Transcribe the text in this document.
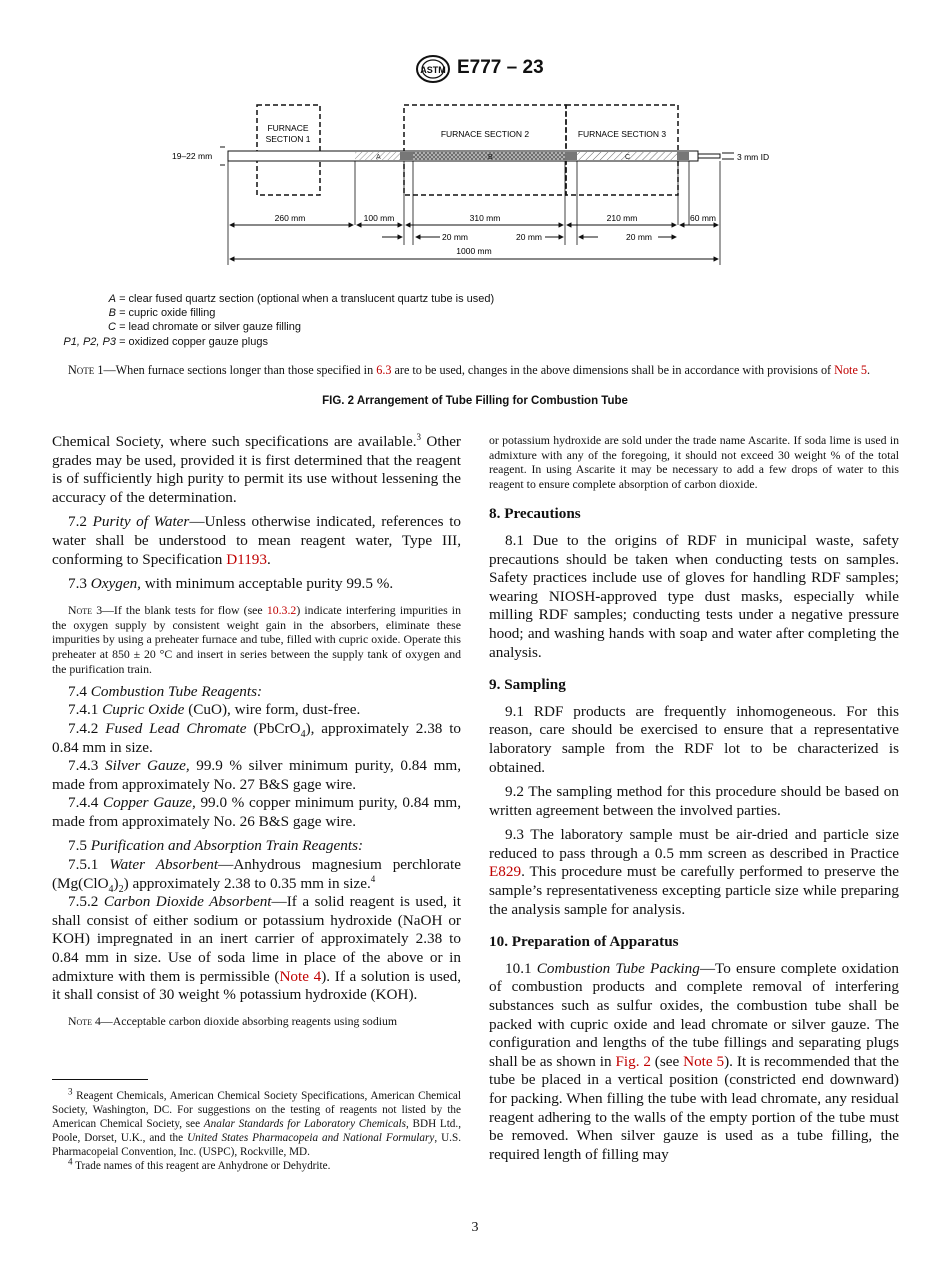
ASTM E777 – 23
FURNACE
SECTION 1	FURNACE SECTION 2	FURNACE SECTION 3
A	B	C
19–22 mm	3 mm ID
260 mm	100 mm	310 mm	210 mm	60 mm
20 mm	20 mm	20 mm
1000 mm
A = clear fused quartz section (optional when a translucent quartz tube is used)
B = cupric oxide filling
C = lead chromate or silver gauze filling
P1, P2, P3 = oxidized copper gauze plugs
Note 1—When furnace sections longer than those specified in 6.3 are to be used, changes in the above dimensions shall be in accordance with provisions of Note 5.
FIG. 2 Arrangement of Tube Filling for Combustion Tube

Chemical Society, where such specifications are available.$^3$ Other grades may be used, provided it is first determined that the reagent is of sufficiently high purity to permit its use without lessening the accuracy of the determination.

7.2 Purity of Water—Unless otherwise indicated, references to water shall be understood to mean reagent water, Type III, conforming to Specification D1193.

7.3 Oxygen, with minimum acceptable purity 99.5 %.

Note 3—If the blank tests for flow (see 10.3.2) indicate interfering impurities in the oxygen supply by consistent weight gain in the absorbers, eliminate these impurities by using a preheater furnace and tube, filled with cupric oxide. Operate this preheater at 850 ± 20 °C and insert in series between the supply tank of oxygen and the purification train.

7.4 Combustion Tube Reagents:

7.4.1 Cupric Oxide (CuO), wire form, dust-free.

7.4.2 Fused Lead Chromate (PbCrO$_4$), approximately 2.38 to 0.84 mm in size.

7.4.3 Silver Gauze, 99.9 % silver minimum purity, 0.84 mm, made from approximately No. 27 B&S gage wire.

7.4.4 Copper Gauze, 99.0 % copper minimum purity, 0.84 mm, made from approximately No. 26 B&S gage wire.

7.5 Purification and Absorption Train Reagents:

7.5.1 Water Absorbent—Anhydrous magnesium perchlorate $(Mg(ClO_4)_2)$ approximately 2.38 to 0.35 mm in size.$^4$

7.5.2 Carbon Dioxide Absorbent—If a solid reagent is used, it shall consist of either sodium or potassium hydroxide (NaOH or KOH) impregnated in an inert carrier of approximately 2.38 to 0.84 mm in size. Use of soda lime in place of the above or in admixture with them is permissible (Note 4). If a solution is used, it shall consist of 30 weight % potassium hydroxide (KOH).

Note 4—Acceptable carbon dioxide absorbing reagents using sodium

$^3$ Reagent Chemicals, American Chemical Society Specifications, American Chemical Society, Washington, DC. For suggestions on the testing of reagents not listed by the American Chemical Society, see Analar Standards for Laboratory Chemicals, BDH Ltd., Poole, Dorset, U.K., and the United States Pharmacopeia and National Formulary, U.S. Pharmacopeial Convention, Inc. (USPC), Rockville, MD.

$^4$ Trade names of this reagent are Anhydrone or Dehydrite.

or potassium hydroxide are sold under the trade name Ascarite. If soda lime is used in admixture with any of the foregoing, it should not exceed 30 weight % of the total reagent. In using Ascarite it may be necessary to add a few drops of water to this reagent to ensure complete absorption of carbon dioxide.

8. Precautions

8.1 Due to the origins of RDF in municipal waste, safety precautions should be taken when conducting tests on samples. Safety practices include use of gloves for handling RDF samples; wearing NIOSH-approved type dust masks, especially while milling RDF samples; conducting tests under a negative pressure hood; and washing hands with soap and water after completing the analysis.

9. Sampling

9.1 RDF products are frequently inhomogeneous. For this reason, care should be exercised to ensure that a representative laboratory sample from the RDF lot to be characterized is obtained.

9.2 The sampling method for this procedure should be based on written agreement between the involved parties.

9.3 The laboratory sample must be air-dried and particle size reduced to pass through a 0.5 mm screen as described in Practice E829. This procedure must be carefully performed to preserve the sample’s representativeness excepting particle size while preparing the analysis sample for analysis.

10. Preparation of Apparatus

10.1 Combustion Tube Packing—To ensure complete oxidation of combustion products and complete removal of interfering substances such as sulfur oxides, the combustion tube shall be packed with cupric oxide and lead chromate or silver gauze. The configuration and lengths of the tube fillings and separating plugs shall be as shown in Fig. 2 (see Note 5). It is recommended that the tube be placed in a vertical position (constricted end downward) for packing. When filling the tube with lead chromate, any residual reagent adhering to the walls of the empty portion of the tube must be removed. When silver gauze is used as a tube filling, the required length of filling may

3
